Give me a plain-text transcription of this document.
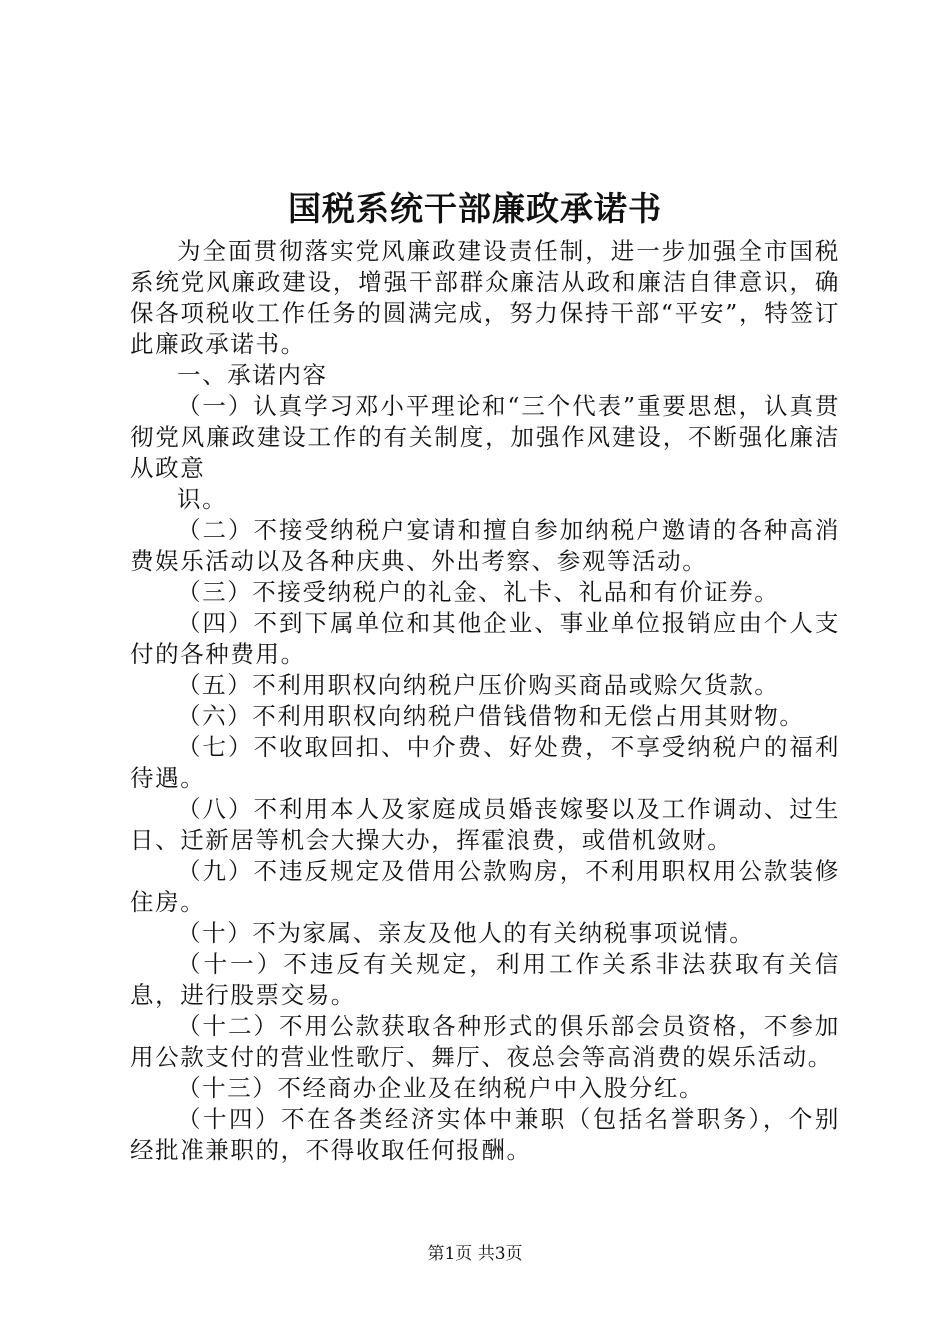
国税系统干部廉政承诺书

为全面贯彻落实党风廉政建设责任制，进一步加强全市国税系统党风廉政建设，增强干部群众廉洁从政和廉洁自律意识，确保各项税收工作任务的圆满完成，努力保持干部“平安”，特签订此廉政承诺书。

一、承诺内容

（一）认真学习邓小平理论和“三个代表”重要思想，认真贯彻党风廉政建设工作的有关制度，加强作风建设，不断强化廉洁从政意

识。

（二）不接受纳税户宴请和擅自参加纳税户邀请的各种高消费娱乐活动以及各种庆典、外出考察、参观等活动。

（三）不接受纳税户的礼金、礼卡、礼品和有价证券。

（四）不到下属单位和其他企业、事业单位报销应由个人支付的各种费用。

（五）不利用职权向纳税户压价购买商品或赊欠货款。

（六）不利用职权向纳税户借钱借物和无偿占用其财物。

（七）不收取回扣、中介费、好处费，不享受纳税户的福利待遇。

（八）不利用本人及家庭成员婚丧嫁娶以及工作调动、过生日、迁新居等机会大操大办，挥霍浪费，或借机敛财。

（九）不违反规定及借用公款购房，不利用职权用公款装修住房。

（十）不为家属、亲友及他人的有关纳税事项说情。

（十一）不违反有关规定，利用工作关系非法获取有关信息，进行股票交易。

（十二）不用公款获取各种形式的俱乐部会员资格，不参加用公款支付的营业性歌厅、舞厅、夜总会等高消费的娱乐活动。

（十三）不经商办企业及在纳税户中入股分红。

（十四）不在各类经济实体中兼职（包括名誉职务），个别经批准兼职的，不得收取任何报酬。

第1页 共3页
